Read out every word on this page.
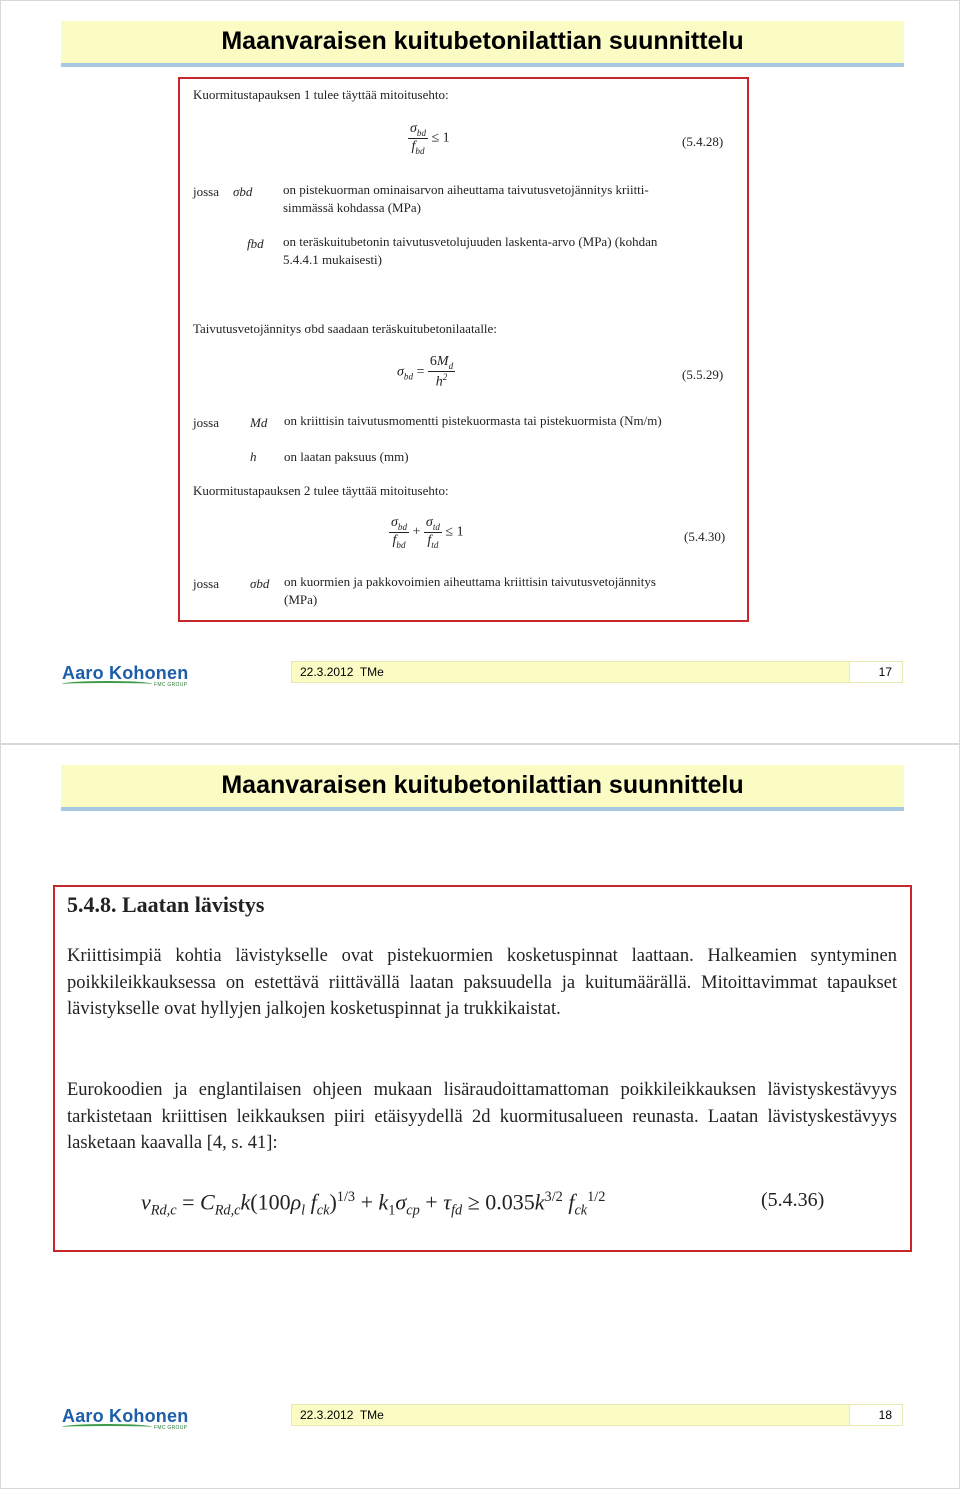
Maanvaraisen kuitubetonilattian suunnittelu
Kuormitustapauksen 1 tulee täyttää mitoitusehto:
$\frac{\sigma_{bd}}{f_{bd}} \le 1$	(5.4.28)
jossa σbd on pistekuorman ominaisarvon aiheuttama taivutusvetojännitys kriitti-
simmässä kohdassa (MPa)
fbd on teräskuitubetonin taivutusvetolujuuden laskenta-arvo (MPa) (kohdan
5.4.4.1 mukaisesti)
Taivutusvetojännitys σbd saadaan teräskuitubetonilaatalle:
$\sigma_{bd} = \frac{6M_d}{h^2}$	(5.5.29)
jossa Md on kriittisin taivutusmomentti pistekuormasta tai pistekuormista (Nm/m)
h on laatan paksuus (mm)
Kuormitustapauksen 2 tulee täyttää mitoitusehto:
$\frac{\sigma_{bd}}{f_{bd}} + \frac{\sigma_{td}}{f_{td}} \le 1$	(5.4.30)
jossa σbd on kuormien ja pakkovoimien aiheuttama kriittisin taivutusvetojännitys
(MPa)
Aaro Kohonen
FMC GROUP
22.3.2012  TMe	17
Maanvaraisen kuitubetonilattian suunnittelu
5.4.8. Laatan lävistys
Kriittisimpiä kohtia lävistykselle ovat pistekuormien kosketuspinnat laattaan. Halkeamien syntyminen poikkileikkauksessa on estettävä riittävällä laatan paksuudella ja kuitumäärällä. Mitoittavimmat tapaukset lävistykselle ovat hyllyjen jalkojen kosketuspinnat ja trukkikaistat.
Eurokoodien ja englantilaisen ohjeen mukaan lisäraudoittamattoman poikkileikkauksen lävistyskestävyys tarkistetaan kriittisen leikkauksen piiri etäisyydellä 2d kuormitusalueen reunasta. Laatan lävistyskestävyys lasketaan kaavalla [4, s. 41]:
$v_{Rd,c} = C_{Rd,c}k(100\rho_l$ $f_{ck})^{1/3} + k_1\sigma_{cp} + \tau_{fd} \ge 0.035k^{3/2}$ $f_{ck}^{1/2}$	(5.4.36)
Aaro Kohonen
FMC GROUP
22.3.2012  TMe	18
